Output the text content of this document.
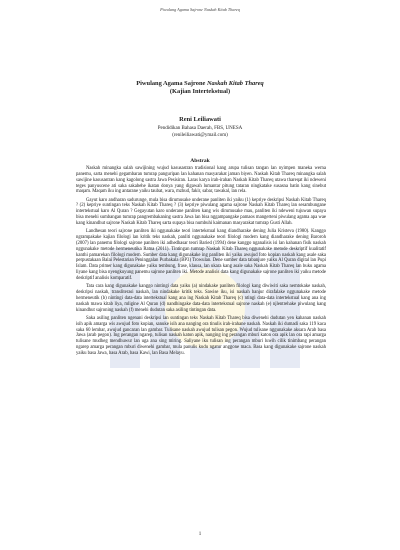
Piwulang Agama Sajrone Naskah Kitab Thareq
Piwulang Agama Sajrone Naskah Kitab Thareq
(Kajian Intertekstual)
Reni Leiliawati
Pendidikan Bahasa Daerah, FBS, UNESA
(renileiliawati@ymail.com)
Abstrak

Naskah minangka salah sawijining wujud kasusastran tradisional kang arupa tulisan tangan lan nyimpen maneka werna panemu, sarta menehi gegambaran tumrap panguripan lan kahanan masyarakat jaman biyen. Naskah Kitab Thareq minangka salah sawijine kasusastran kang kagolong sastra Jawa Pesisiran. Laras karya irah-irahan Naskah Kitab Thareq utawa thareqat iki ndeweni teges panyuscene ati saka sakabehe ikatan donya yang digawah lumantar pitung tataran ningkatake susasna batin kang sinebut maqam. Maqam iku ing antarane yaiku taubat, wara, mzhud, fakir, sabar, tawakal, lan rela.

Gayut karo andharan sadurunge, mula bisa dirumusake underane panliten iki yaiku (1) kepriye deskripsi Naskah Kitab Thareq ? (2) kepriye suntingan teks Naskah Kitab Thareq ? (3) kepriye piwulang agama sajrone Naskah Kitab Thareq lan sesambungane intertekstual karo Al Quran ? Gegayutan karo underane panliten kang wis dirumusake mau, panliten iki ndeweni tujuwan supaya bisa menehi sumbangan tumrap pangrembakaning sastra Jawa lan bisa nggampangake pamaos mangerteni piwulang agama apa wae kang kinandhut sajrone Naskah Kitab Thareq sarta supaya bisa numbuhi kaimanan masyarakat tumrap Gusti Allah.

Landhesan teori sajrone panliten iki nggunakake teori intertekstual kang diandharake dening Julia Kristeva (1980). Kanggo ngrampakake kajian filologi lan kritik teks naskah, panliti nggunakake teori filologi modern kang diandharake dening Baroroh (2007) lan panemu filologi sajrone panliten iki adhedhasar teori Baried (1994) dene kanggo nganalisis isi lan kahanan fisik naskah nggunakake metode hermeneutika Ratna (2011). Tintingan tumrap Naskah Kitab Thareq nggunakake metode deskriptif kualitatif kanthi pamarekan filologi modern. Sumber data kang digunakake ing panliten iki yaiku awujud foto kopian naskah kang asale saka perpustakaan Balai Pelestarian Peninggalan Purbakala (BP3) Trowulan. Dene sumber data tabanjure yaiku Al Quran digital lan Pupi Islam. Data primer kang digunakake yaiku tembung, frase, klausa, lan ukara kang asale saka Naskah Kitab Thareq lan buku agama liyane kang bisa nyengkuyung panemu sajrone panliten iki. Metode analisis data kang digunakake sajrone panliten iki yaiku metode deskriptif analisis komparatif.

Tata cara kang digunakake kanggo nintingi data yaiku (a) nindakake panliten filologi kang diwiwiti saka nemtokake naskah, deskripsi naskah, transliterasi naskah, lan nindakake kritik teks. Sawise iku, isi naskah banjur dirafalake nggunakake metode hermeneutik (b) nintingi data-data intertekstual kang ana ing Naskah Kitab Thareq (c) ntingi data-data intertekstual kang ana ing naskah mawa kitab liya, mligine Al Quran (d) nandhingake data-data intertekstual sajrone naskah (e) njlentrehake piwulang kang kinandhut sajroning naskah (f) menehi dudutan saka asiling tintingan data.

Saka asiling panliten ngenani deskripsi lan suntingan teks Naskah Kitab Thareq bisa diwenehi dudutan yen kahanan naskah isih apik amarga wis awujud foto kopian, sanuke isih ana nanging ora tinulis irah-irahane naskah. Naskah iki dumadi saka 119 kaca saka 60 lembar, awujud gancaran lan gambar. Tulisane naskah awujud tulisan pegon. Wujud tulisane nggunakake aksara Arab basa Jawa (arab pegon). Ing perangan ngarep, tulisan naskah katon apik, nanging ing perangan mburi katon ora apik lan ora rapi amarga tulisane mudheg mendhuwur lan uga ana sing miring. Saliyane iku tulisan ing perangan mburi luwih cilik tinimbang perangan ngarep amarga perangan mburi diwenehi gambar, mula panulis kudu ngatur anggone maca. Basa kang digunakake sajrone naskah yaiku basa Jawa, basa Arab, basa Kawi, lan Basa Melayu.

1
